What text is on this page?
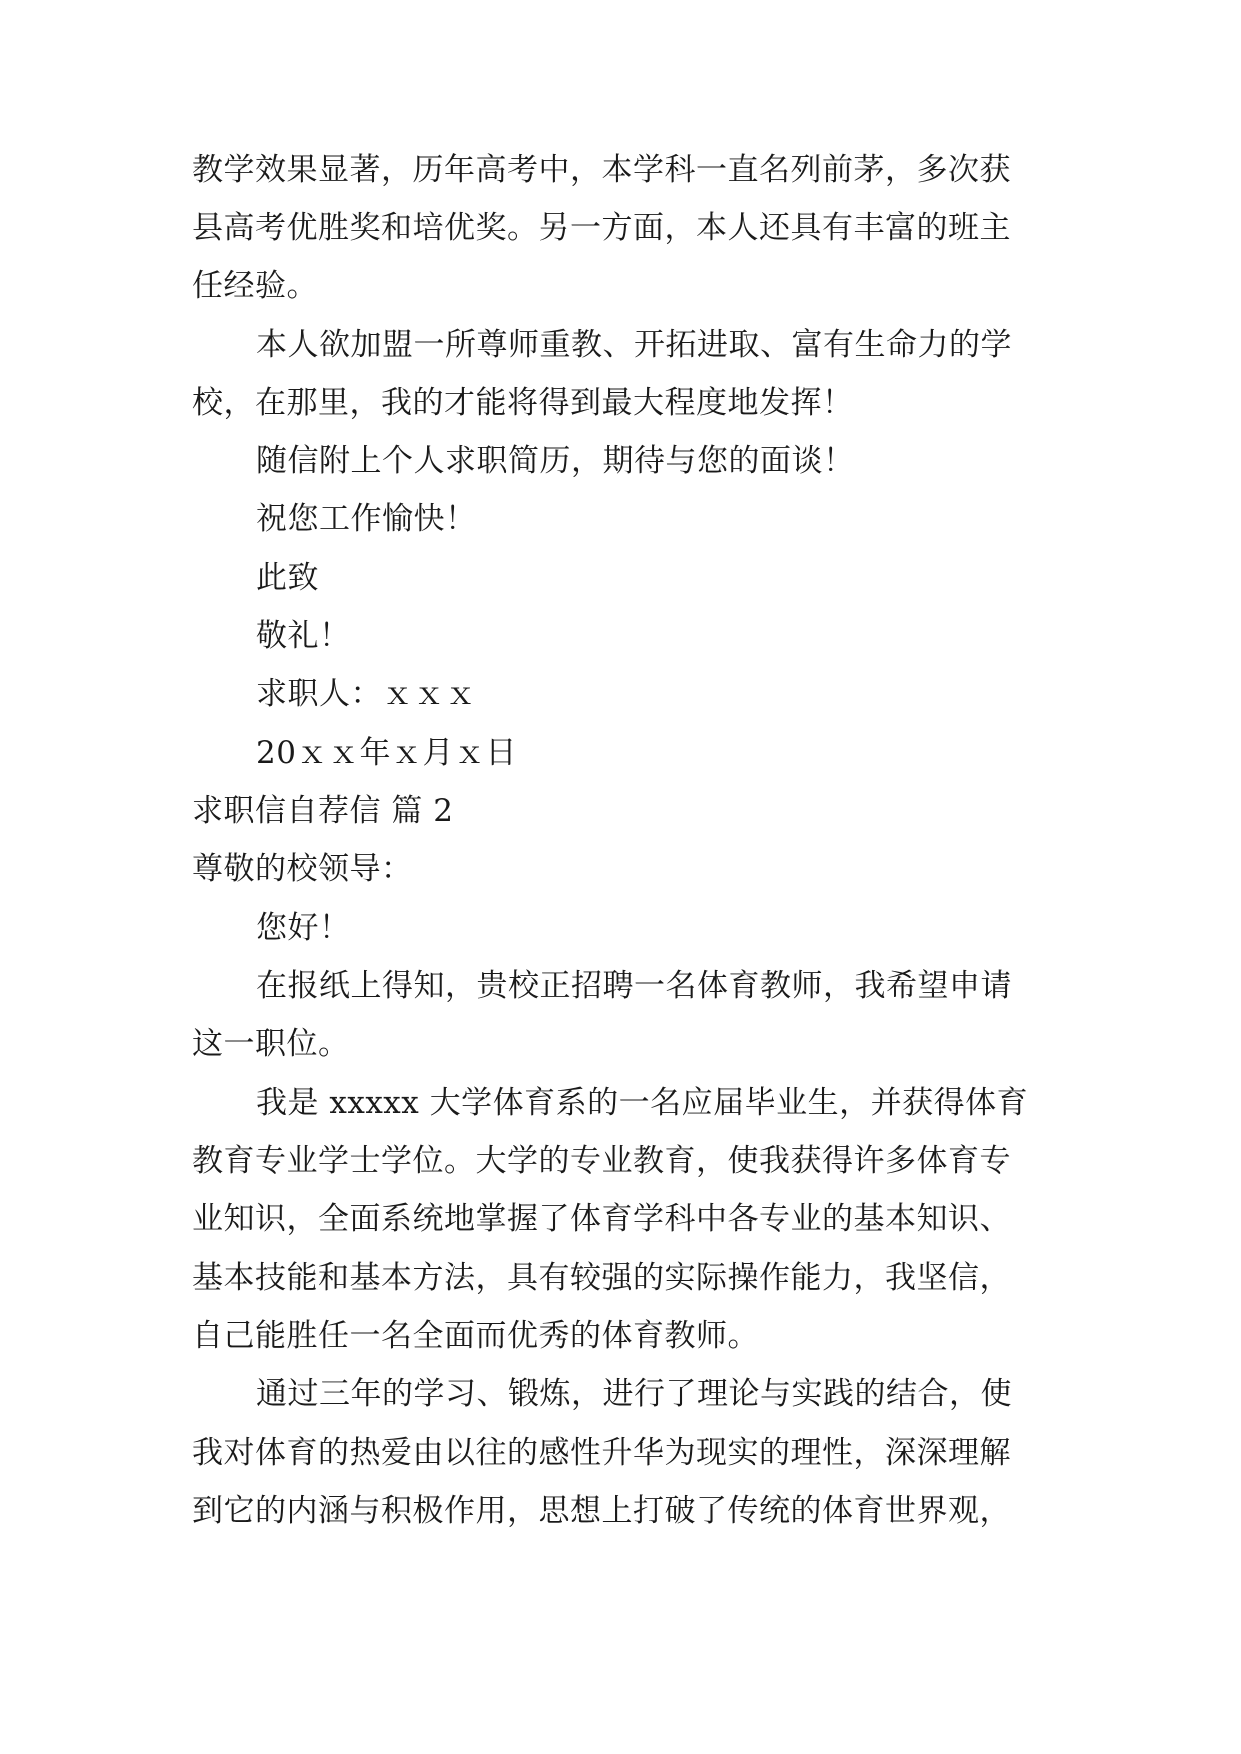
教学效果显著，历年高考中，本学科一直名列前茅，多次获
县高考优胜奖和培优奖。另一方面，本人还具有丰富的班主
任经验。
本人欲加盟一所尊师重教、开拓进取、富有生命力的学
校，在那里，我的才能将得到最大程度地发挥！
随信附上个人求职简历，期待与您的面谈！
祝您工作愉快！
此致
敬礼！
求职人：ｘｘｘ
20ｘｘ年ｘ月ｘ日
求职信自荐信 篇 2
尊敬的校领导：
您好！
在报纸上得知，贵校正招聘一名体育教师，我希望申请
这一职位。
我是 xxxxx 大学体育系的一名应届毕业生，并获得体育
教育专业学士学位。大学的专业教育，使我获得许多体育专
业知识，全面系统地掌握了体育学科中各专业的基本知识、
基本技能和基本方法，具有较强的实际操作能力，我坚信，
自己能胜任一名全面而优秀的体育教师。
通过三年的学习、锻炼，进行了理论与实践的结合，使
我对体育的热爱由以往的感性升华为现实的理性，深深理解
到它的内涵与积极作用，思想上打破了传统的体育世界观，
